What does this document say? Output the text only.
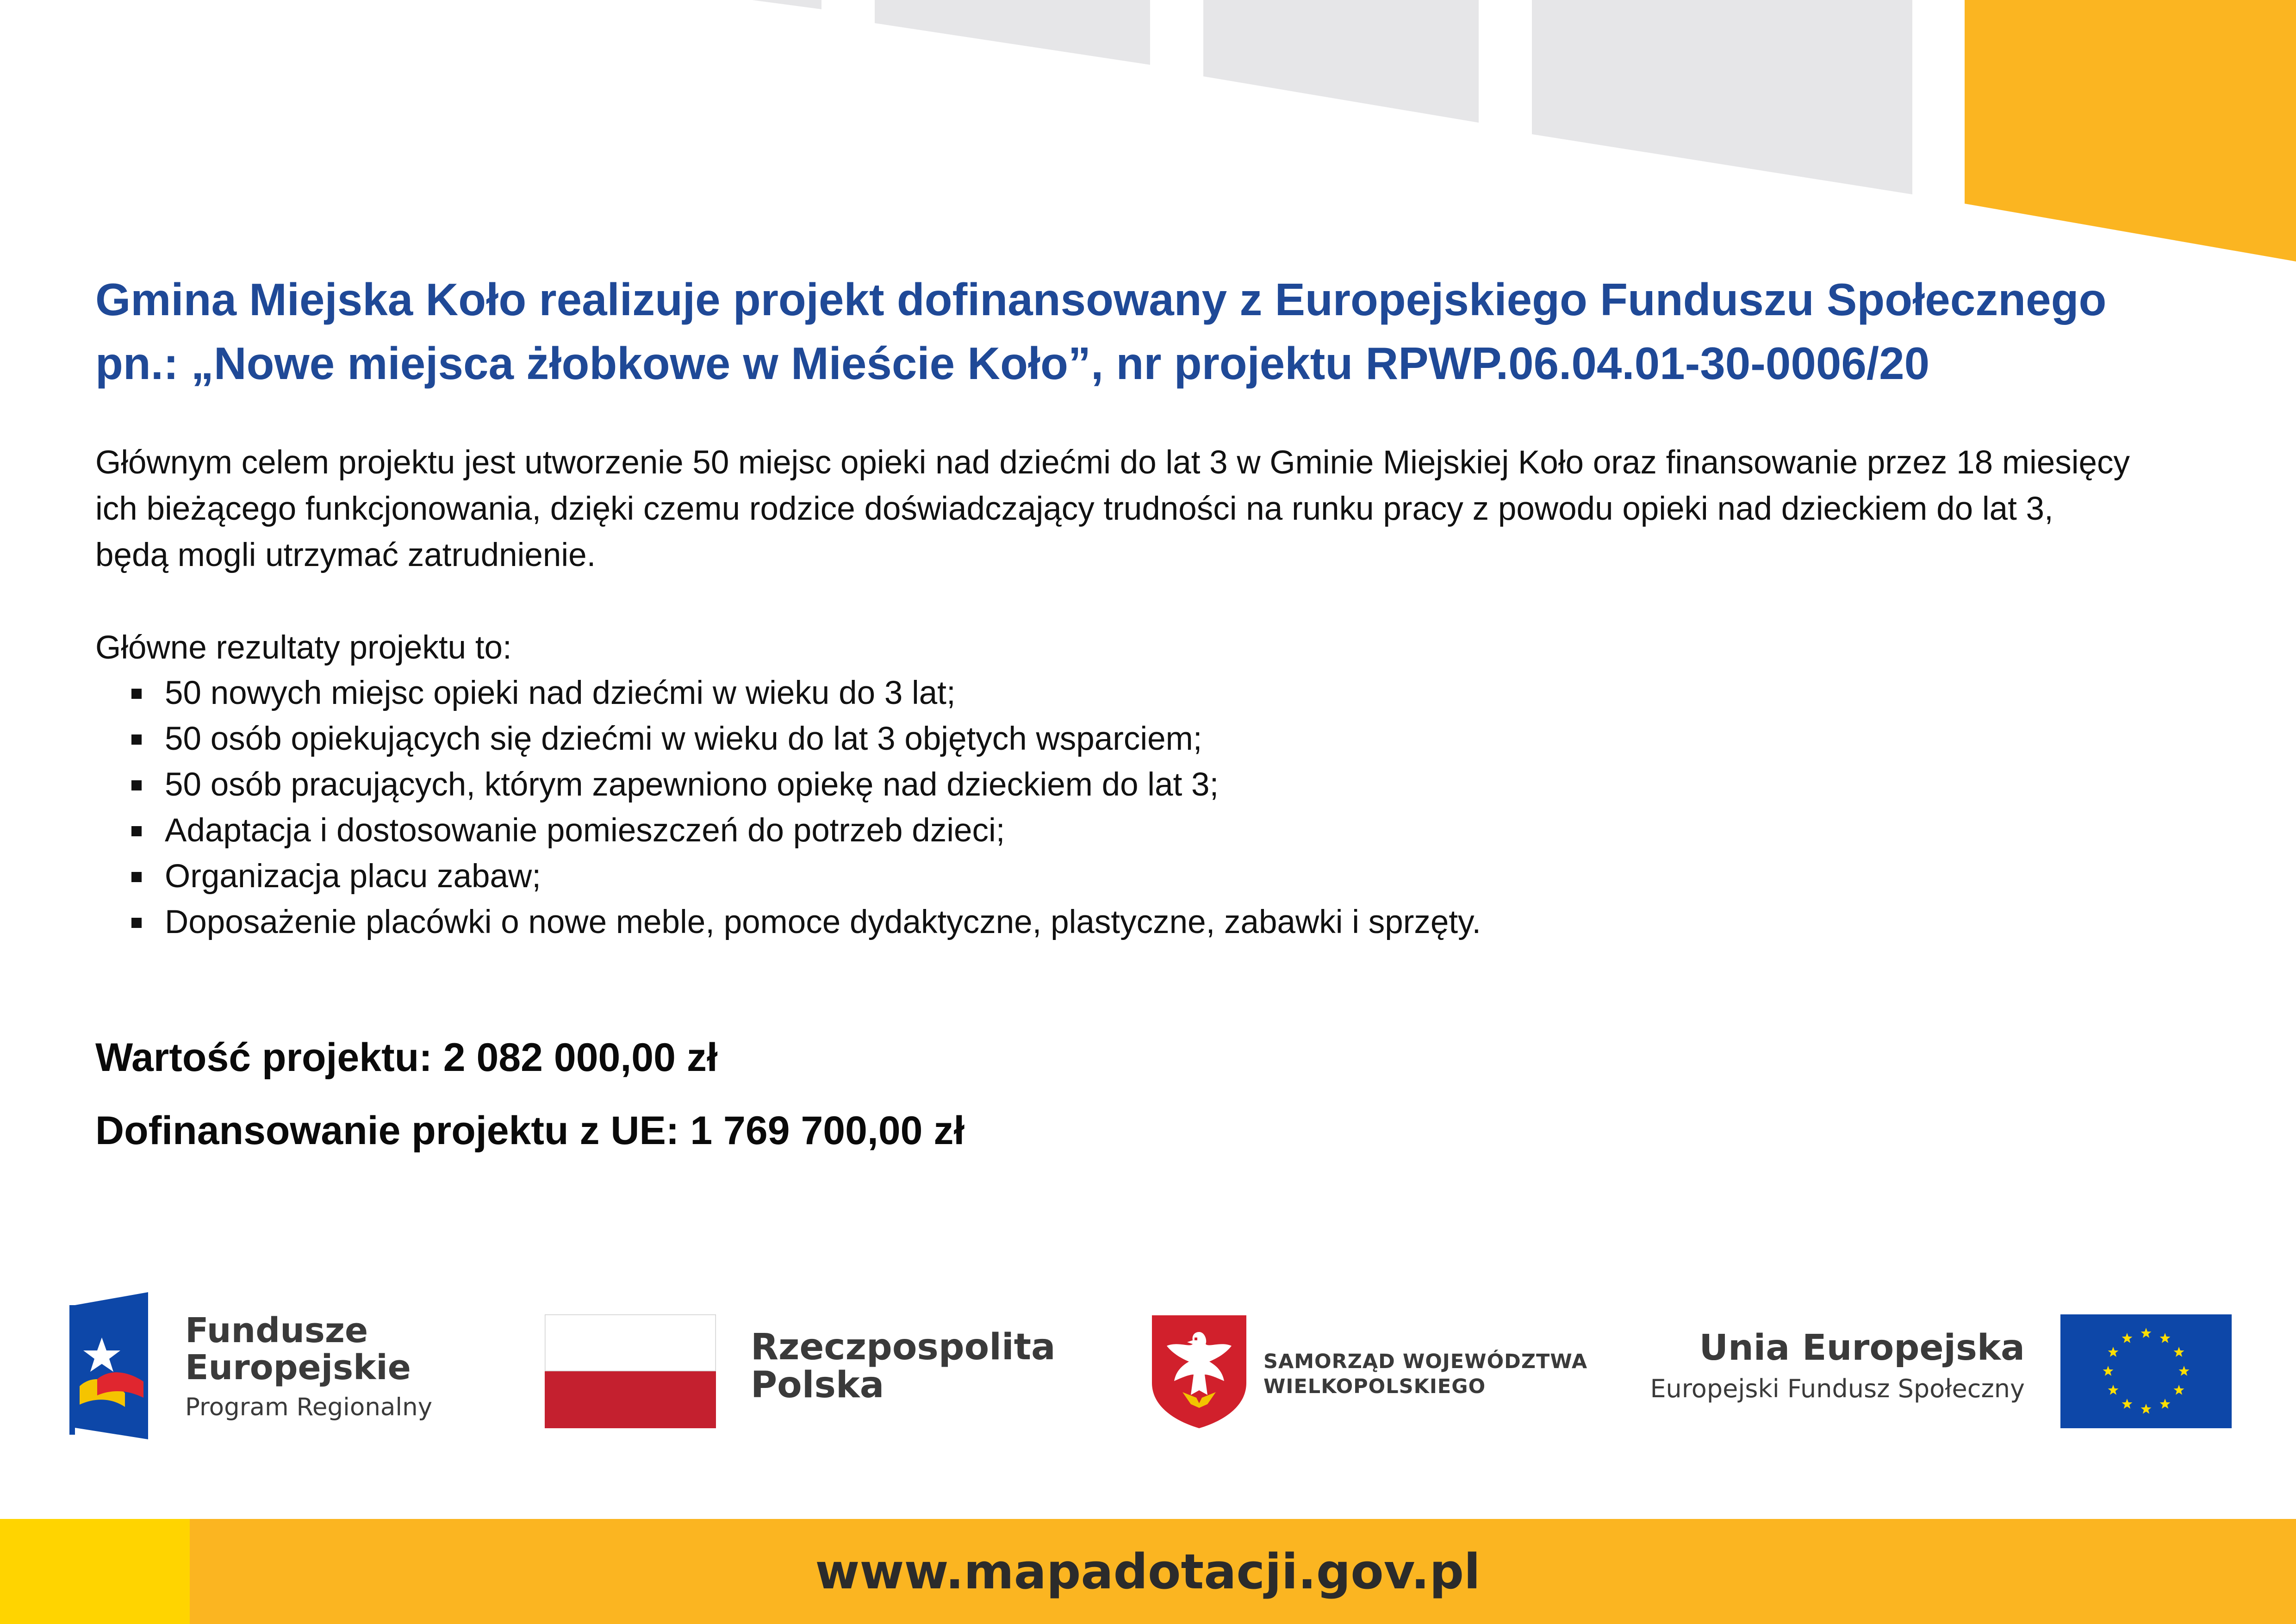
Gmina Miejska Koło realizuje projekt dofinansowany z Europejskiego Funduszu Społecznego
pn.: „Nowe miejsca żłobkowe w Mieście Koło”, nr projektu RPWP.06.04.01-30-0006/20

Głównym celem projektu jest utworzenie 50 miejsc opieki nad dziećmi do lat 3 w Gminie Miejskiej Koło oraz finansowanie przez 18 miesięcy
ich bieżącego funkcjonowania, dzięki czemu rodzice doświadczający trudności na runku pracy z powodu opieki nad dzieckiem do lat 3,
będą mogli utrzymać zatrudnienie.

Główne rezultaty projektu to:

50 nowych miejsc opieki nad dziećmi w wieku do 3 lat;
50 osób opiekujących się dziećmi w wieku do lat 3 objętych wsparciem;
50 osób pracujących, którym zapewniono opiekę nad dzieckiem do lat 3;
Adaptacja i dostosowanie pomieszczeń do potrzeb dzieci;
Organizacja placu zabaw;
Doposażenie placówki o nowe meble, pomoce dydaktyczne, plastyczne, zabawki i sprzęty.

Wartość projektu: 2 082 000,00 zł

Dofinansowanie projektu z UE: 1 769 700,00 zł

Fundusze
Europejskie
Program Regionalny
Rzeczpospolita
Polska
SAMORZĄD WOJEWÓDZTWA
WIELKOPOLSKIEGO
Unia Europejska
Europejski Fundusz Społeczny
www.mapadotacji.gov.pl
